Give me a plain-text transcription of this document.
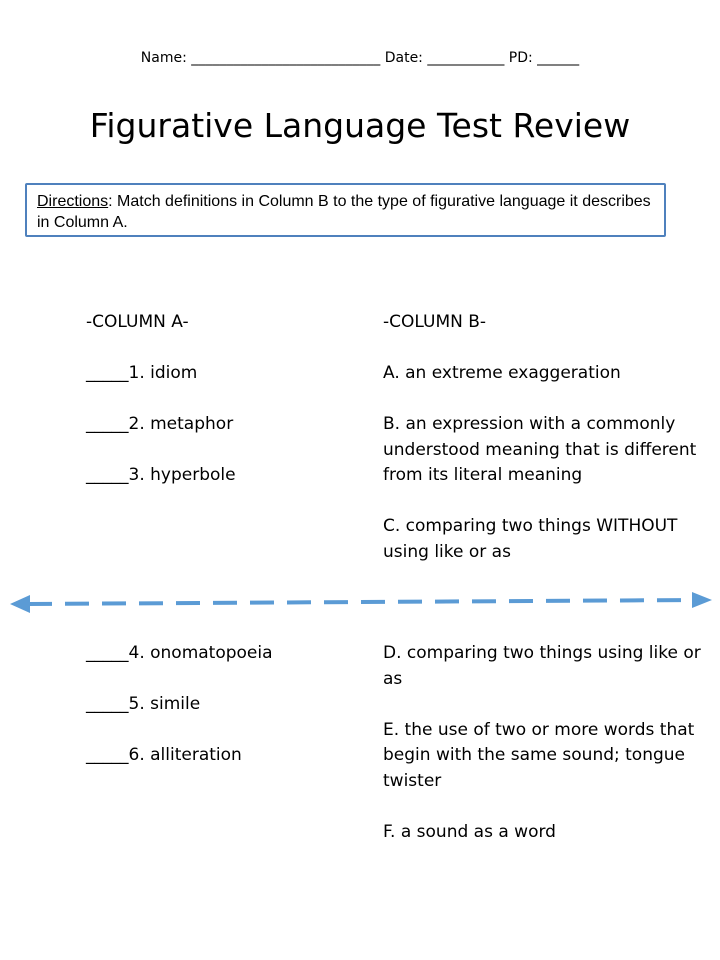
Name: ___________________________ Date: ___________ PD: ______
Figurative Language Test Review
Directions: Match definitions in Column B to the type of figurative language it describes in Column A.
-COLUMN A-
_____1. idiom
_____2. metaphor
_____3. hyperbole
-COLUMN B-
A. an extreme exaggeration
B. an expression with a commonly understood meaning that is different from its literal meaning
C. comparing two things WITHOUT using like or as
_____4. onomatopoeia
_____5. simile
_____6. alliteration
D. comparing two things using like or as
E. the use of two or more words that begin with the same sound; tongue twister
F. a sound as a word
